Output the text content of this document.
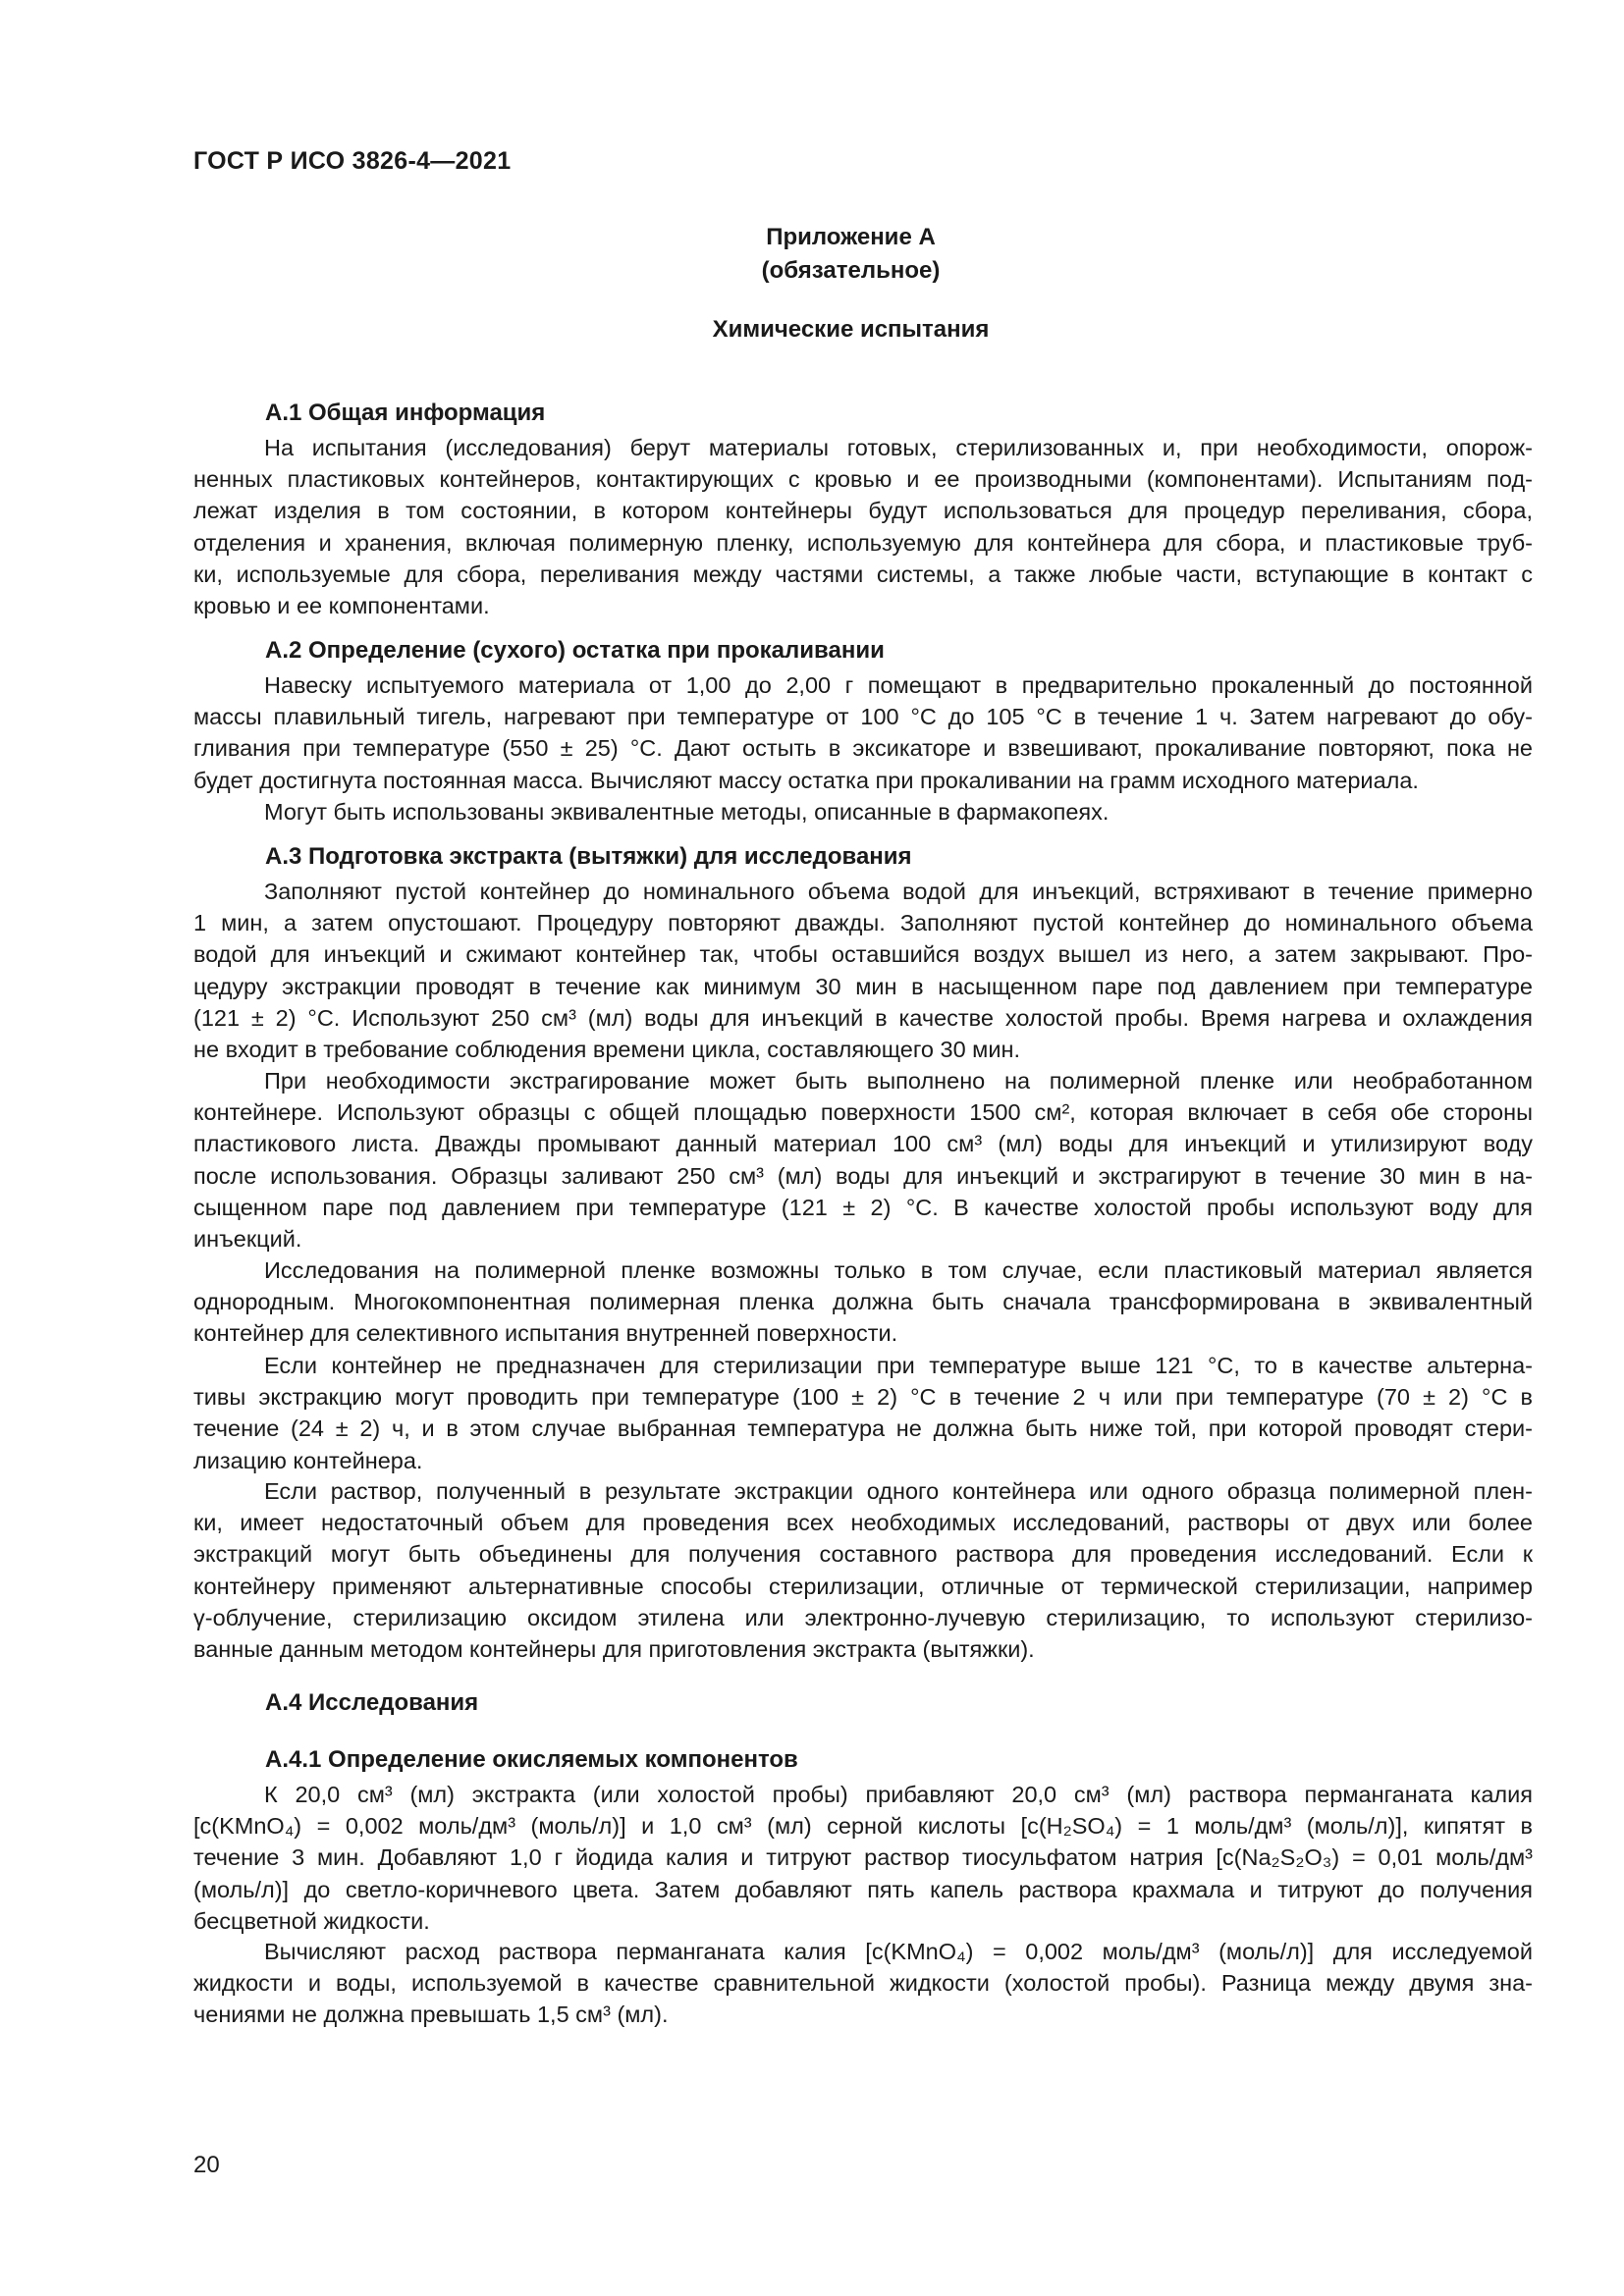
ГОСТ Р ИСО 3826-4—2021
Приложение А
(обязательное)
Химические испытания
А.1 Общая информация
На испытания (исследования) берут материалы готовых, стерилизованных и, при необходимости, опорож-
ненных пластиковых контейнеров, контактирующих с кровью и ее производными (компонентами). Испытаниям под-
лежат изделия в том состоянии, в котором контейнеры будут использоваться для процедур переливания, сбора,
отделения и хранения, включая полимерную пленку, используемую для контейнера для сбора, и пластиковые труб-
ки, используемые для сбора, переливания между частями системы, а также любые части, вступающие в контакт с
кровью и ее компонентами.
А.2 Определение (сухого) остатка при прокаливании
Навеску испытуемого материала от 1,00 до 2,00 г помещают в предварительно прокаленный до постоянной
массы плавильный тигель, нагревают при температуре от 100 °С до 105 °С в течение 1 ч. Затем нагревают до обу-
гливания при температуре (550 ± 25) °С. Дают остыть в эксикаторе и взвешивают, прокаливание повторяют, пока не
будет достигнута постоянная масса. Вычисляют массу остатка при прокаливании на грамм исходного материала.
Могут быть использованы эквивалентные методы, описанные в фармакопеях.
А.3 Подготовка экстракта (вытяжки) для исследования
Заполняют пустой контейнер до номинального объема водой для инъекций, встряхивают в течение примерно
1 мин, а затем опустошают. Процедуру повторяют дважды. Заполняют пустой контейнер до номинального объема
водой для инъекций и сжимают контейнер так, чтобы оставшийся воздух вышел из него, а затем закрывают. Про-
цедуру экстракции проводят в течение как минимум 30 мин в насыщенном паре под давлением при температуре
(121 ± 2) °С. Используют 250 см³ (мл) воды для инъекций в качестве холостой пробы. Время нагрева и охлаждения
не входит в требование соблюдения времени цикла, составляющего 30 мин.
При необходимости экстрагирование может быть выполнено на полимерной пленке или необработанном
контейнере. Используют образцы с общей площадью поверхности 1500 см², которая включает в себя обе стороны
пластикового листа. Дважды промывают данный материал 100 см³ (мл) воды для инъекций и утилизируют воду
после использования. Образцы заливают 250 см³ (мл) воды для инъекций и экстрагируют в течение 30 мин в на-
сыщенном паре под давлением при температуре (121 ± 2) °С. В качестве холостой пробы используют воду для
инъекций.
Исследования на полимерной пленке возможны только в том случае, если пластиковый материал является
однородным. Многокомпонентная полимерная пленка должна быть сначала трансформирована в эквивалентный
контейнер для селективного испытания внутренней поверхности.
Если контейнер не предназначен для стерилизации при температуре выше 121 °С, то в качестве альтерна-
тивы экстракцию могут проводить при температуре (100 ± 2) °С в течение 2 ч или при температуре (70 ± 2) °С в
течение (24 ± 2) ч, и в этом случае выбранная температура не должна быть ниже той, при которой проводят стери-
лизацию контейнера.
Если раствор, полученный в результате экстракции одного контейнера или одного образца полимерной плен-
ки, имеет недостаточный объем для проведения всех необходимых исследований, растворы от двух или более
экстракций могут быть объединены для получения составного раствора для проведения исследований. Если к
контейнеру применяют альтернативные способы стерилизации, отличные от термической стерилизации, например
γ-облучение, стерилизацию оксидом этилена или электронно-лучевую стерилизацию, то используют стерилизо-
ванные данным методом контейнеры для приготовления экстракта (вытяжки).
А.4 Исследования
А.4.1 Определение окисляемых компонентов
К 20,0 см³ (мл) экстракта (или холостой пробы) прибавляют 20,0 см³ (мл) раствора перманганата калия
[c(KMnO₄) = 0,002 моль/дм³ (моль/л)] и 1,0 см³ (мл) серной кислоты [c(H₂SO₄) = 1 моль/дм³ (моль/л)], кипятят в
течение 3 мин. Добавляют 1,0 г йодида калия и титруют раствор тиосульфатом натрия [c(Na₂S₂O₃) = 0,01 моль/дм³
(моль/л)] до светло-коричневого цвета. Затем добавляют пять капель раствора крахмала и титруют до получения
бесцветной жидкости.
Вычисляют расход раствора перманганата калия [c(KMnO₄) = 0,002 моль/дм³ (моль/л)] для исследуемой
жидкости и воды, используемой в качестве сравнительной жидкости (холостой пробы). Разница между двумя зна-
чениями не должна превышать 1,5 см³ (мл).
20
